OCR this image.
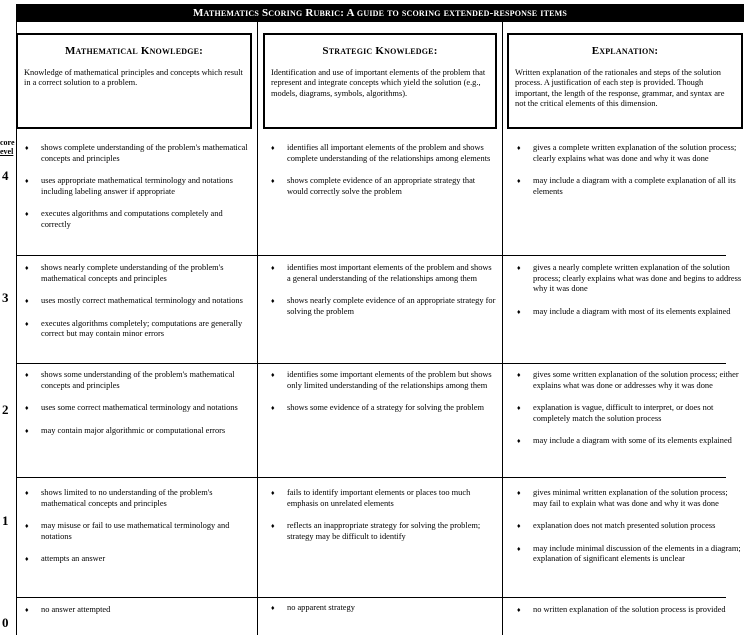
Mathematics Scoring Rubric: A guide to scoring extended-response items
Mathematical Knowledge:
Knowledge of mathematical principles and concepts which result in a correct solution to a problem.
Strategic Knowledge:
Identification and use of important elements of the problem that represent and integrate concepts which yield the solution (e.g., models, diagrams, symbols, algorithms).
Explanation:
Written explanation of the rationales and steps of the solution process. A justification of each step is provided. Though important, the length of the response, grammar, and syntax are not the critical elements of this dimension.
core
evel
4
♦ shows complete understanding of the problem's mathematical concepts and principles
♦ uses appropriate mathematical terminology and notations including labeling answer if appropriate
♦ executes algorithms and computations completely and correctly
♦ identifies all important elements of the problem and shows complete understanding of the relationships among elements
♦ shows complete evidence of an appropriate strategy that would correctly solve the problem
♦ gives a complete written explanation of the solution process; clearly explains what was done and why it was done
♦ may include a diagram with a complete explanation of all its elements
3
♦ shows nearly complete understanding of the problem's mathematical concepts and principles
♦ uses mostly correct mathematical terminology and notations
♦ executes algorithms completely; computations are generally correct but may contain minor errors
♦ identifies most important elements of the problem and shows a general understanding of the relationships among them
♦ shows nearly complete evidence of an appropriate strategy for solving the problem
♦ gives a nearly complete written explanation of the solution process; clearly explains what was done and begins to address why it was done
♦ may include a diagram with most of its elements explained
2
♦ shows some understanding of the problem's mathematical concepts and principles
♦ uses some correct mathematical terminology and notations
♦ may contain major algorithmic or computational errors
♦ identifies some important elements of the problem but shows only limited understanding of the relationships among them
♦ shows some evidence of a strategy for solving the problem
♦ gives some written explanation of the solution process; either explains what was done or addresses why it was done
♦ explanation is vague, difficult to interpret, or does not completely match the solution process
♦ may include a diagram with some of its elements explained
1
♦ shows limited to no understanding of the problem's mathematical concepts and principles
♦ may misuse or fail to use mathematical terminology and notations
♦ attempts an answer
♦ fails to identify important elements or places too much emphasis on unrelated elements
♦ reflects an inappropriate strategy for solving the problem; strategy may be difficult to identify
♦ gives minimal written explanation of the solution process; may fail to explain what was done and why it was done
♦ explanation does not match presented solution process
♦ may include minimal discussion of the elements in a diagram; explanation of significant elements is unclear
0
♦ no answer attempted	♦ no apparent strategy	♦ no written explanation of the solution process is provided
